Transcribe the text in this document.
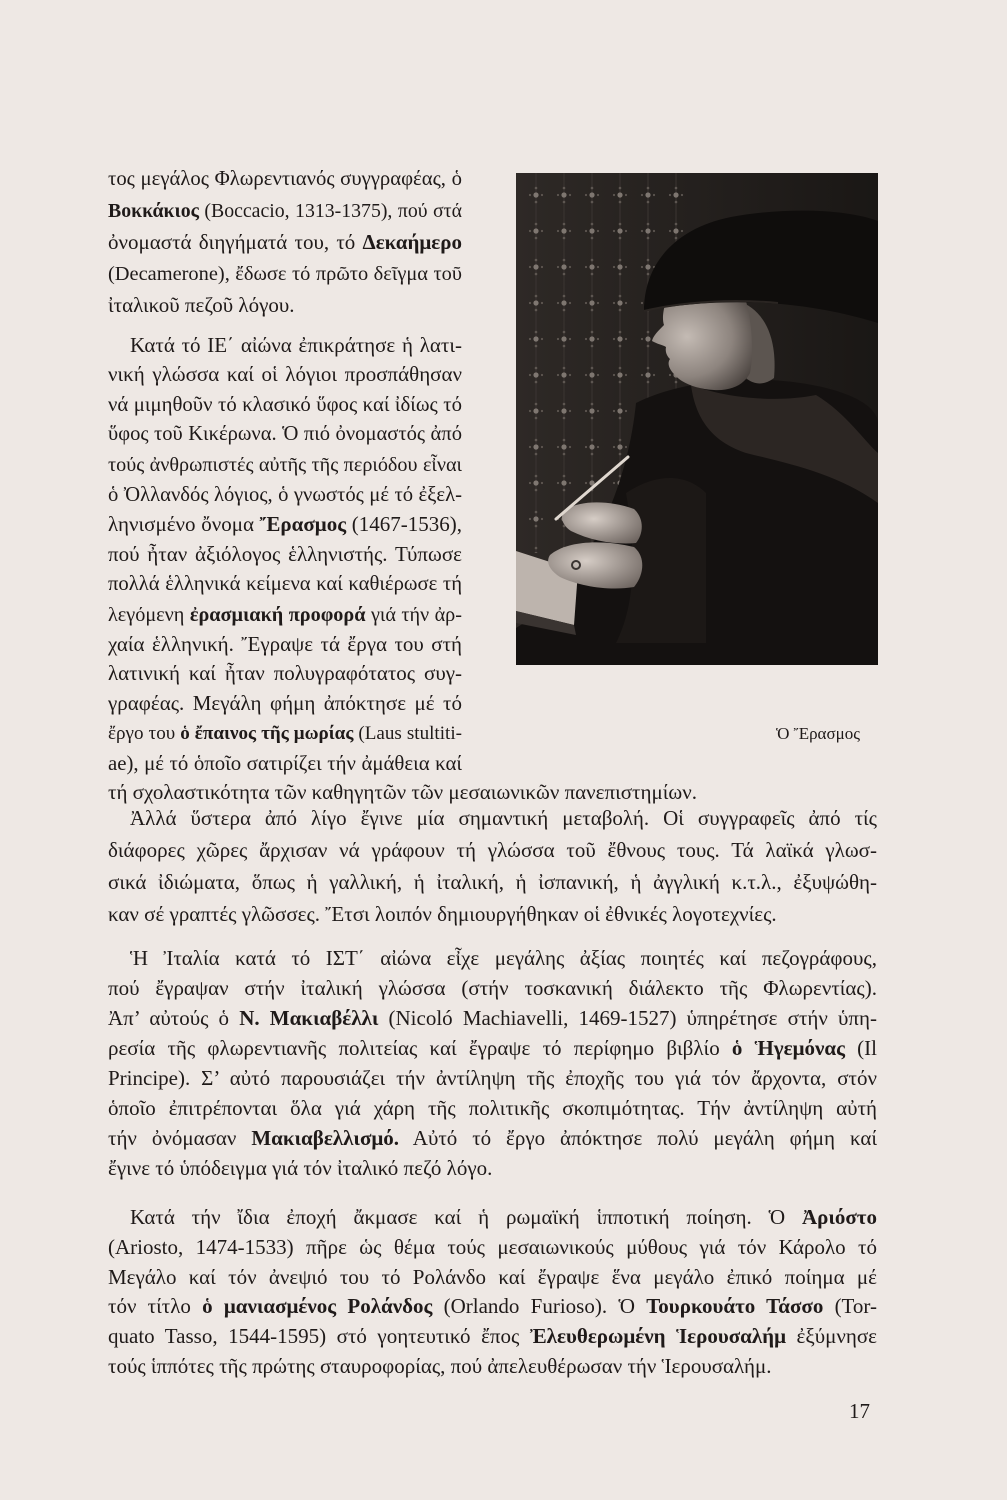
τος μεγάλος Φλωρεντιανός συγγραφέας, ὁ
Βοκκάκιος (Boccacio, 1313-1375), πού στά
ὀνομαστά διηγήματά του, τό Δεκαήμερο
(Decamerone), ἔδωσε τό πρῶτο δεῖγμα τοῦ
ἰταλικοῦ πεζοῦ λόγου.
Κατά τό ΙΕ΄ αἰώνα ἐπικράτησε ἡ λατι-
νική γλώσσα καί οἱ λόγιοι προσπάθησαν
νά μιμηθοῦν τό κλασικό ὕφος καί ἰδίως τό
ὕφος τοῦ Κικέρωνα. Ὁ πιό ὀνομαστός ἀπό
τούς ἀνθρωπιστές αὐτῆς τῆς περιόδου εἶναι
ὁ Ὀλλανδός λόγιος, ὁ γνωστός μέ τό ἐξελ-
ληνισμένο ὄνομα Ἔρασμος (1467-1536),
πού ἦταν ἀξιόλογος ἑλληνιστής. Τύπωσε
πολλά ἑλληνικά κείμενα καί καθιέρωσε τή
λεγόμενη ἐρασμιακή προφορά γιά τήν ἀρ-
χαία ἑλληνική. Ἔγραψε τά ἔργα του στή
λατινική καί ἦταν πολυγραφότατος συγ-
γραφέας. Μεγάλη φήμη ἀπόκτησε μέ τό
ἔργο του ὁ ἔπαινος τῆς μωρίας (Laus stultiti-
ae), μέ τό ὁποῖο σατιρίζει τήν ἀμάθεια καί
τή σχολαστικότητα τῶν καθηγητῶν τῶν μεσαιωνικῶν πανεπιστημίων.
Ὁ Ἔρασμος
Ἀλλά ὕστερα ἀπό λίγο ἔγινε μία σημαντική μεταβολή. Οἱ συγγραφεῖς ἀπό τίς
διάφορες χῶρες ἄρχισαν νά γράφουν τή γλώσσα τοῦ ἔθνους τους. Τά λαϊκά γλωσ-
σικά ἰδιώματα, ὅπως ἡ γαλλική, ἡ ἰταλική, ἡ ἰσπανική, ἡ ἀγγλική κ.τ.λ., ἐξυψώθη-
καν σέ γραπτές γλῶσσες. Ἔτσι λοιπόν δημιουργήθηκαν οἱ ἐθνικές λογοτεχνίες.
Ἡ Ἰταλία κατά τό ΙΣΤ΄ αἰώνα εἶχε μεγάλης ἀξίας ποιητές καί πεζογράφους,
πού ἔγραψαν στήν ἰταλική γλώσσα (στήν τοσκανική διάλεκτο τῆς Φλωρεντίας).
Ἀπ’ αὐτούς ὁ Ν. Μακιαβέλλι (Nicoló Machiavelli, 1469-1527) ὑπηρέτησε στήν ὑπη-
ρεσία τῆς φλωρεντιανῆς πολιτείας καί ἔγραψε τό περίφημο βιβλίο ὁ Ἡγεμόνας (Il
Principe). Σ’ αὐτό παρουσιάζει τήν ἀντίληψη τῆς ἐποχῆς του γιά τόν ἄρχοντα, στόν
ὁποῖο ἐπιτρέπονται ὅλα γιά χάρη τῆς πολιτικῆς σκοπιμότητας. Τήν ἀντίληψη αὐτή
τήν ὀνόμασαν Μακιαβελλισμό. Αὐτό τό ἔργο ἀπόκτησε πολύ μεγάλη φήμη καί
ἔγινε τό ὑπόδειγμα γιά τόν ἰταλικό πεζό λόγο.
Κατά τήν ἴδια ἐποχή ἄκμασε καί ἡ ρωμαϊκή ἱπποτική ποίηση. Ὁ Ἀριόστο
(Ariosto, 1474-1533) πῆρε ὡς θέμα τούς μεσαιωνικούς μύθους γιά τόν Κάρολο τό
Μεγάλο καί τόν ἀνεψιό του τό Ρολάνδο καί ἔγραψε ἕνα μεγάλο ἐπικό ποίημα μέ
τόν τίτλο ὁ μανιασμένος Ρολάνδος (Orlando Furioso). Ὁ Τουρκουάτο Τάσσο (Tor-
quato Tasso, 1544-1595) στό γοητευτικό ἔπος Ἐλευθερωμένη Ἱερουσαλήμ ἐξύμνησε
τούς ἱππότες τῆς πρώτης σταυροφορίας, πού ἀπελευθέρωσαν τήν Ἱερουσαλήμ.
17
